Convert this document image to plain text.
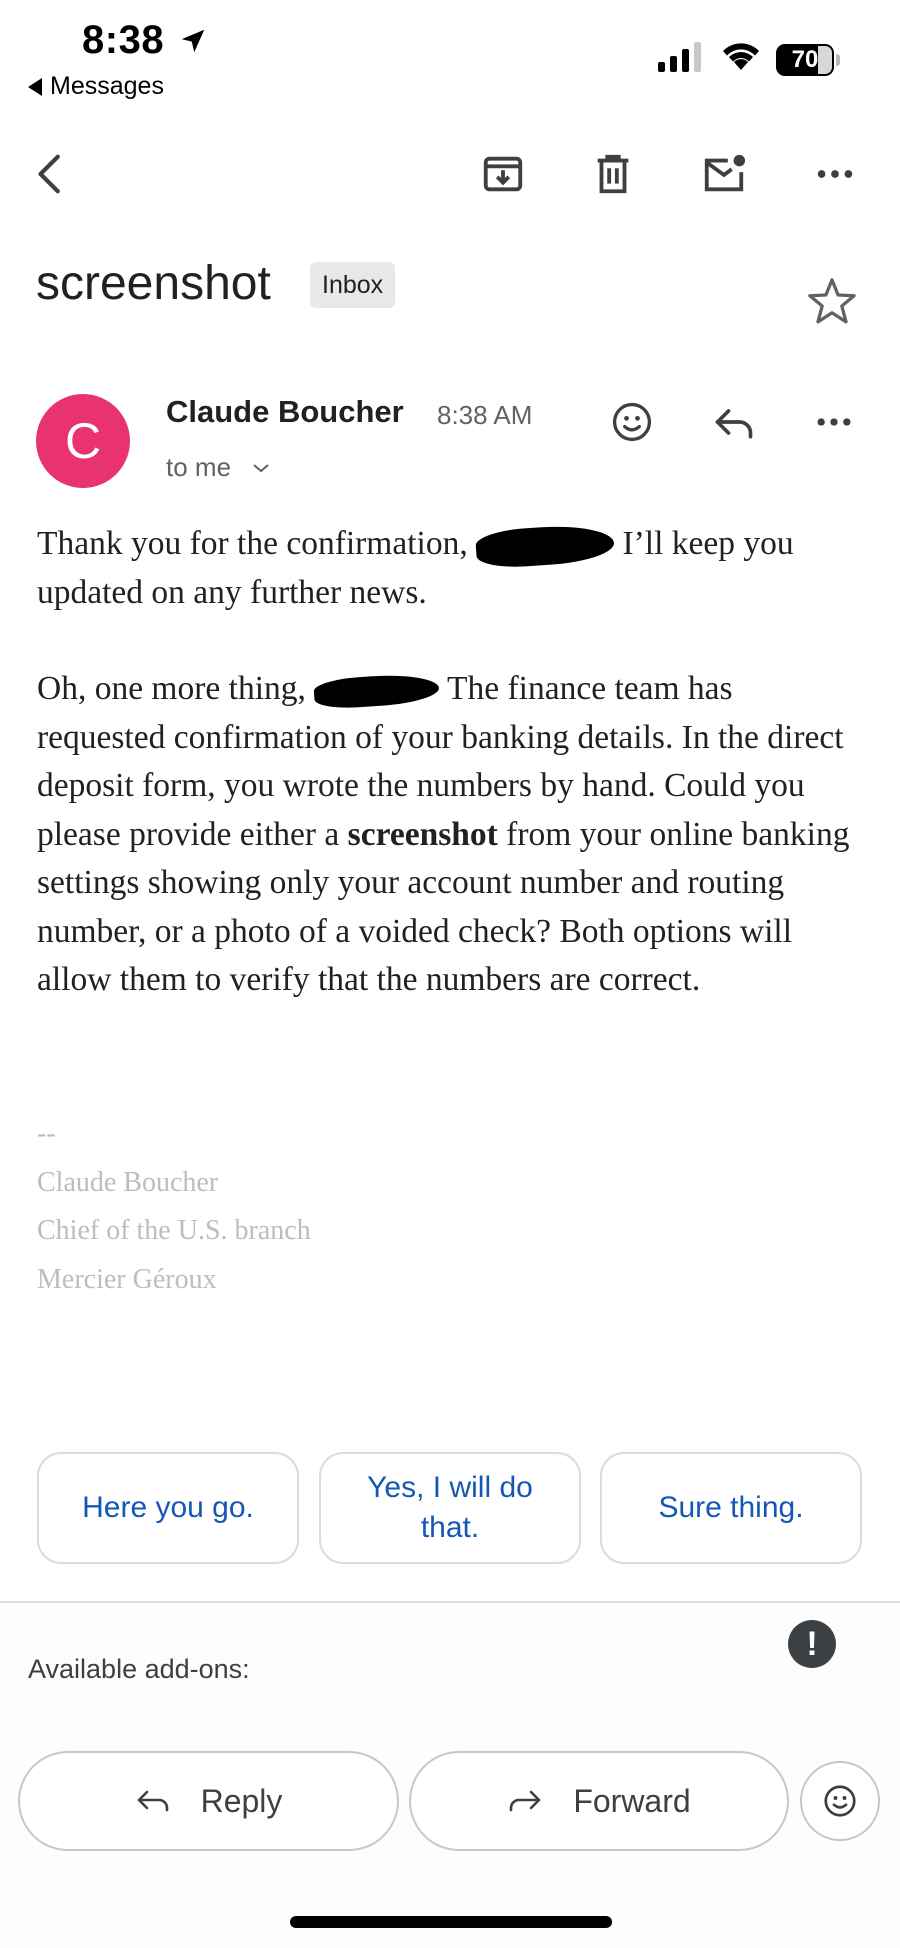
8:38
Messages
70
screenshot	Inbox
C
Claude Boucher 8:38 AM
to me

Thank you for the confirmation,	I’ll keep you updated on any further news.

Oh, one more thing,	The finance team has requested confirmation of your banking details. In the direct deposit form, you wrote the numbers by hand. Could you please provide either a screenshot from your online banking settings showing only your account number and routing number, or a photo of a voided check? Both options will allow them to verify that the numbers are correct.

--
Claude Boucher
Chief of the U.S. branch
Mercier Géroux
Here you go.
Yes, I will do that.
Sure thing.
Available add-ons:
!
Reply	Forward
